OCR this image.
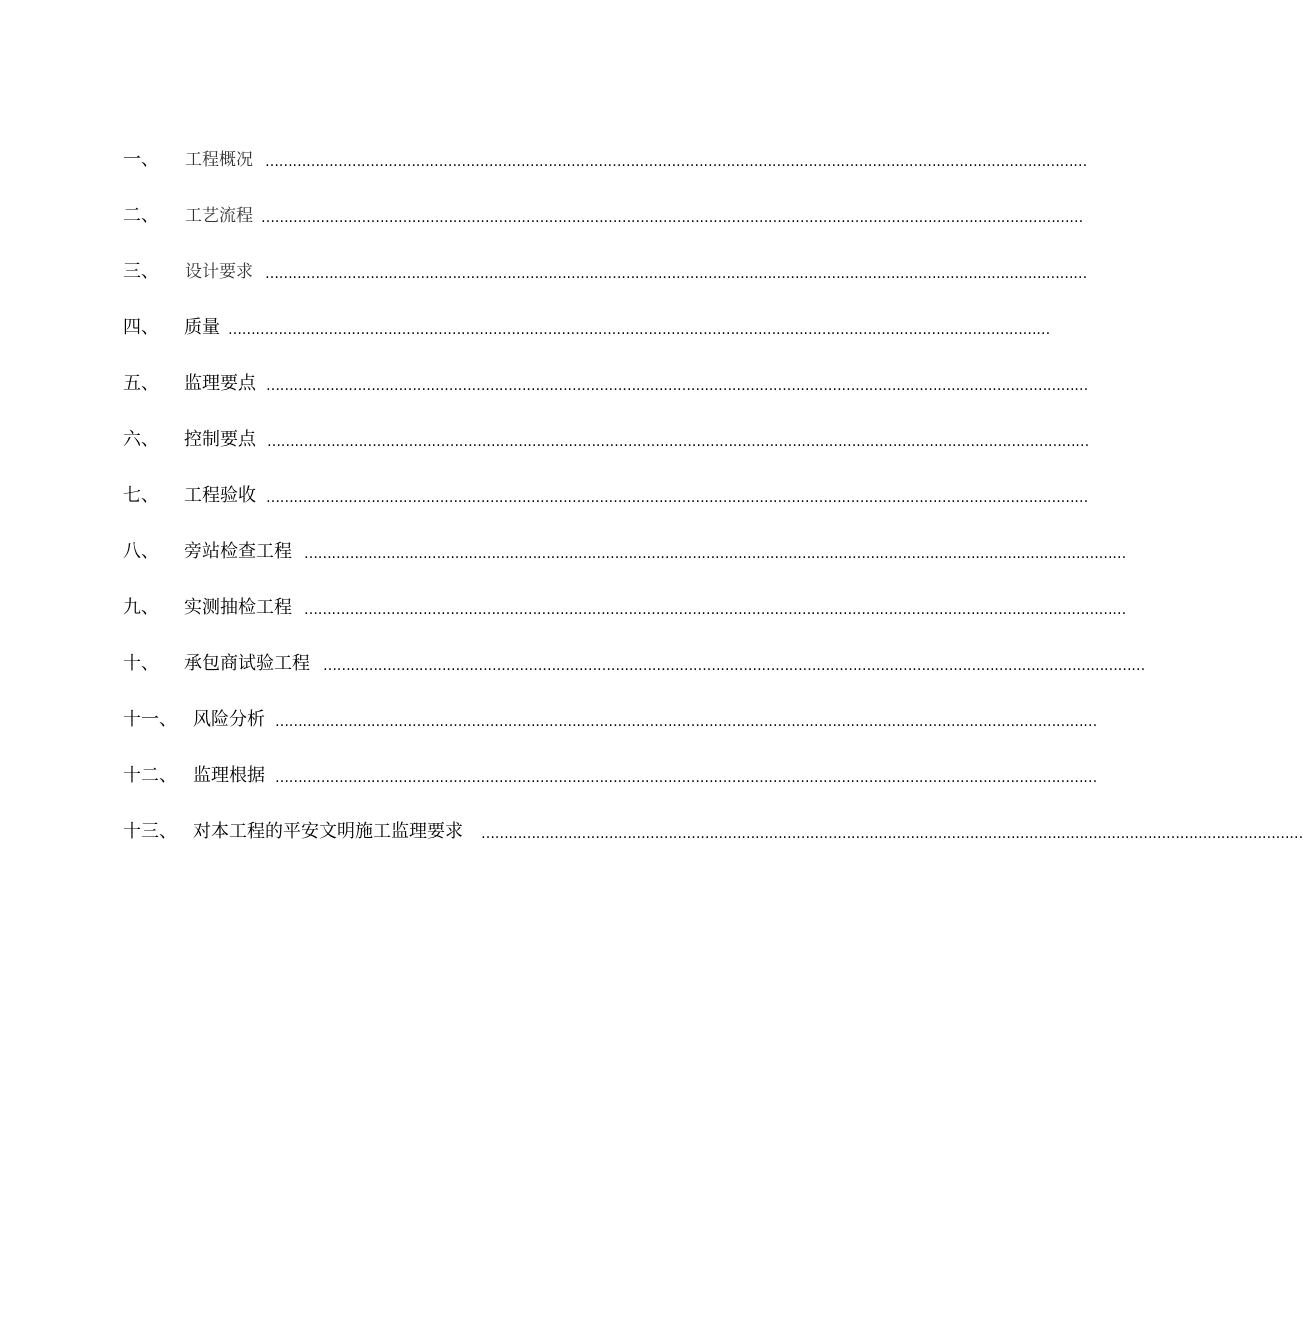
一、 工程概况 ………………………………………………………………………………………………………………………………………………………………
二、 工艺流程 ………………………………………………………………………………………………………………………………………………………………
三、 设计要求 ………………………………………………………………………………………………………………………………………………………………
四、 质量 ………………………………………………………………………………………………………………………………………………………………
五、 监理要点 ………………………………………………………………………………………………………………………………………………………………
六、 控制要点 ………………………………………………………………………………………………………………………………………………………………
七、 工程验收 ………………………………………………………………………………………………………………………………………………………………
八、 旁站检查工程 ………………………………………………………………………………………………………………………………………………………………
九、 实测抽检工程 ………………………………………………………………………………………………………………………………………………………………
十、 承包商试验工程 ………………………………………………………………………………………………………………………………………………………………
十一、 风险分析 ………………………………………………………………………………………………………………………………………………………………
十二、 监理根据 ………………………………………………………………………………………………………………………………………………………………
十三、 对本工程的平安文明施工监理要求 ………………………………………………………………………………………………………………………………………………………………
